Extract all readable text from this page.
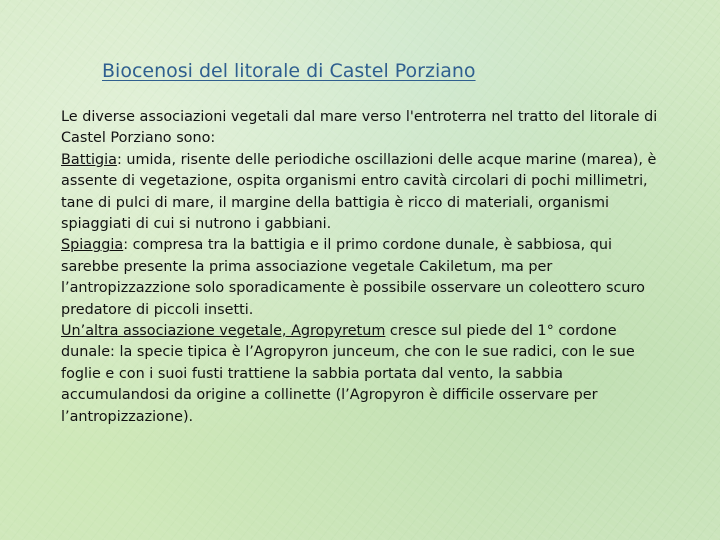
Biocenosi del litorale di Castel Porziano

Le diverse associazioni vegetali dal mare verso l'entroterra nel tratto del litorale di Castel Porziano sono:

Battigia: umida, risente delle periodiche oscillazioni delle acque marine (marea), è assente di vegetazione, ospita organismi entro cavità circolari di pochi millimetri, tane di pulci di mare, il margine della battigia è ricco di materiali, organismi spiaggiati di cui si nutrono i gabbiani.

Spiaggia: compresa tra la battigia e il primo cordone dunale, è sabbiosa, qui sarebbe presente la prima associazione vegetale Cakiletum, ma per l’antropizzazzione solo sporadicamente è possibile osservare un coleottero scuro predatore di piccoli insetti.

Un’altra associazione vegetale, Agropyretum cresce sul piede del 1° cordone dunale: la specie tipica è l’Agropyron junceum, che con le sue radici, con le sue foglie e con i suoi fusti trattiene la sabbia portata dal vento, la sabbia accumulandosi da origine a collinette (l’Agropyron è difficile osservare per l’antropizzazione).
